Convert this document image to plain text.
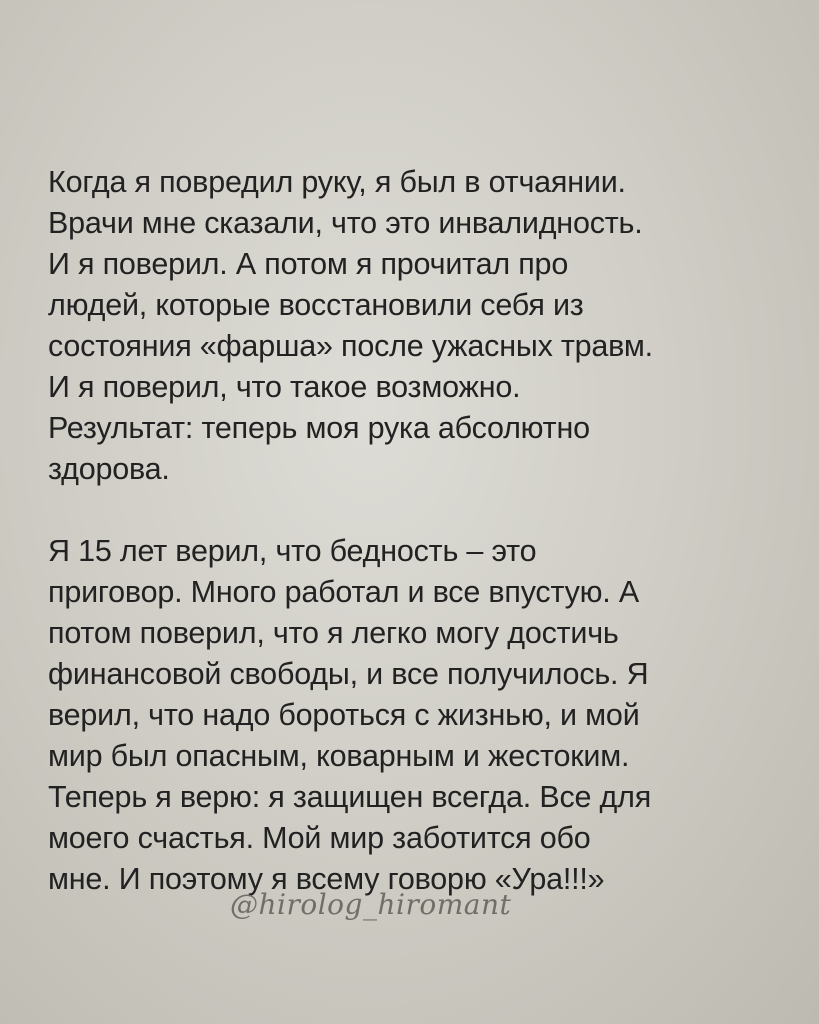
Когда я повредил руку, я был в отчаянии.
Врачи мне сказали, что это инвалидность.
И я поверил. А потом я прочитал про
людей, которые восстановили себя из
состояния «фарша» после ужасных травм.
И я поверил, что такое возможно.
Результат: теперь моя рука абсолютно
здорова.
Я 15 лет верил, что бедность – это
приговор. Много работал и все впустую. А
потом поверил, что я легко могу достичь
финансовой свободы, и все получилось. Я
верил, что надо бороться с жизнью, и мой
мир был опасным, коварным и жестоким.
Теперь я верю: я защищен всегда. Все для
моего счастья. Мой мир заботится обо
мне. И поэтому я всему говорю «Ура!!!»
@hirolog_hiromant
